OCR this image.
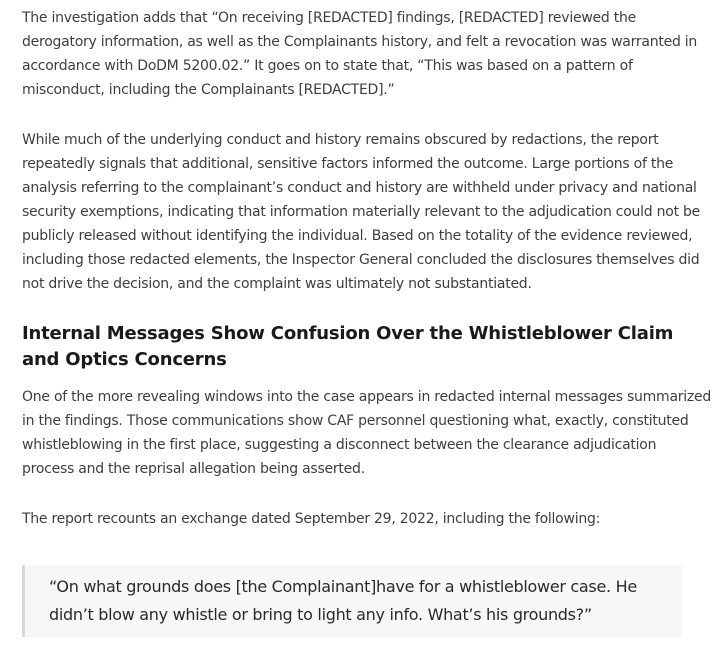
The investigation adds that “On receiving [REDACTED] findings, [REDACTED] reviewed the derogatory information, as well as the Complainants history, and felt a revocation was warranted in accordance with DoDM 5200.02.” It goes on to state that, “This was based on a pattern of misconduct, including the Complainants [REDACTED].”

While much of the underlying conduct and history remains obscured by redactions, the report repeatedly signals that additional, sensitive factors informed the outcome. Large portions of the analysis referring to the complainant’s conduct and history are withheld under privacy and national security exemptions, indicating that information materially relevant to the adjudication could not be publicly released without identifying the individual. Based on the totality of the evidence reviewed, including those redacted elements, the Inspector General concluded the disclosures themselves did not drive the decision, and the complaint was ultimately not substantiated.

Internal Messages Show Confusion Over the Whistleblower Claim and Optics Concerns

One of the more revealing windows into the case appears in redacted internal messages summarized in the findings. Those communications show CAF personnel questioning what, exactly, constituted whistleblowing in the first place, suggesting a disconnect between the clearance adjudication process and the reprisal allegation being asserted.

The report recounts an exchange dated September 29, 2022, including the following:

“On what grounds does [the Complainant]have for a whistleblower case. He didn’t blow any whistle or bring to light any info. What’s his grounds?”
